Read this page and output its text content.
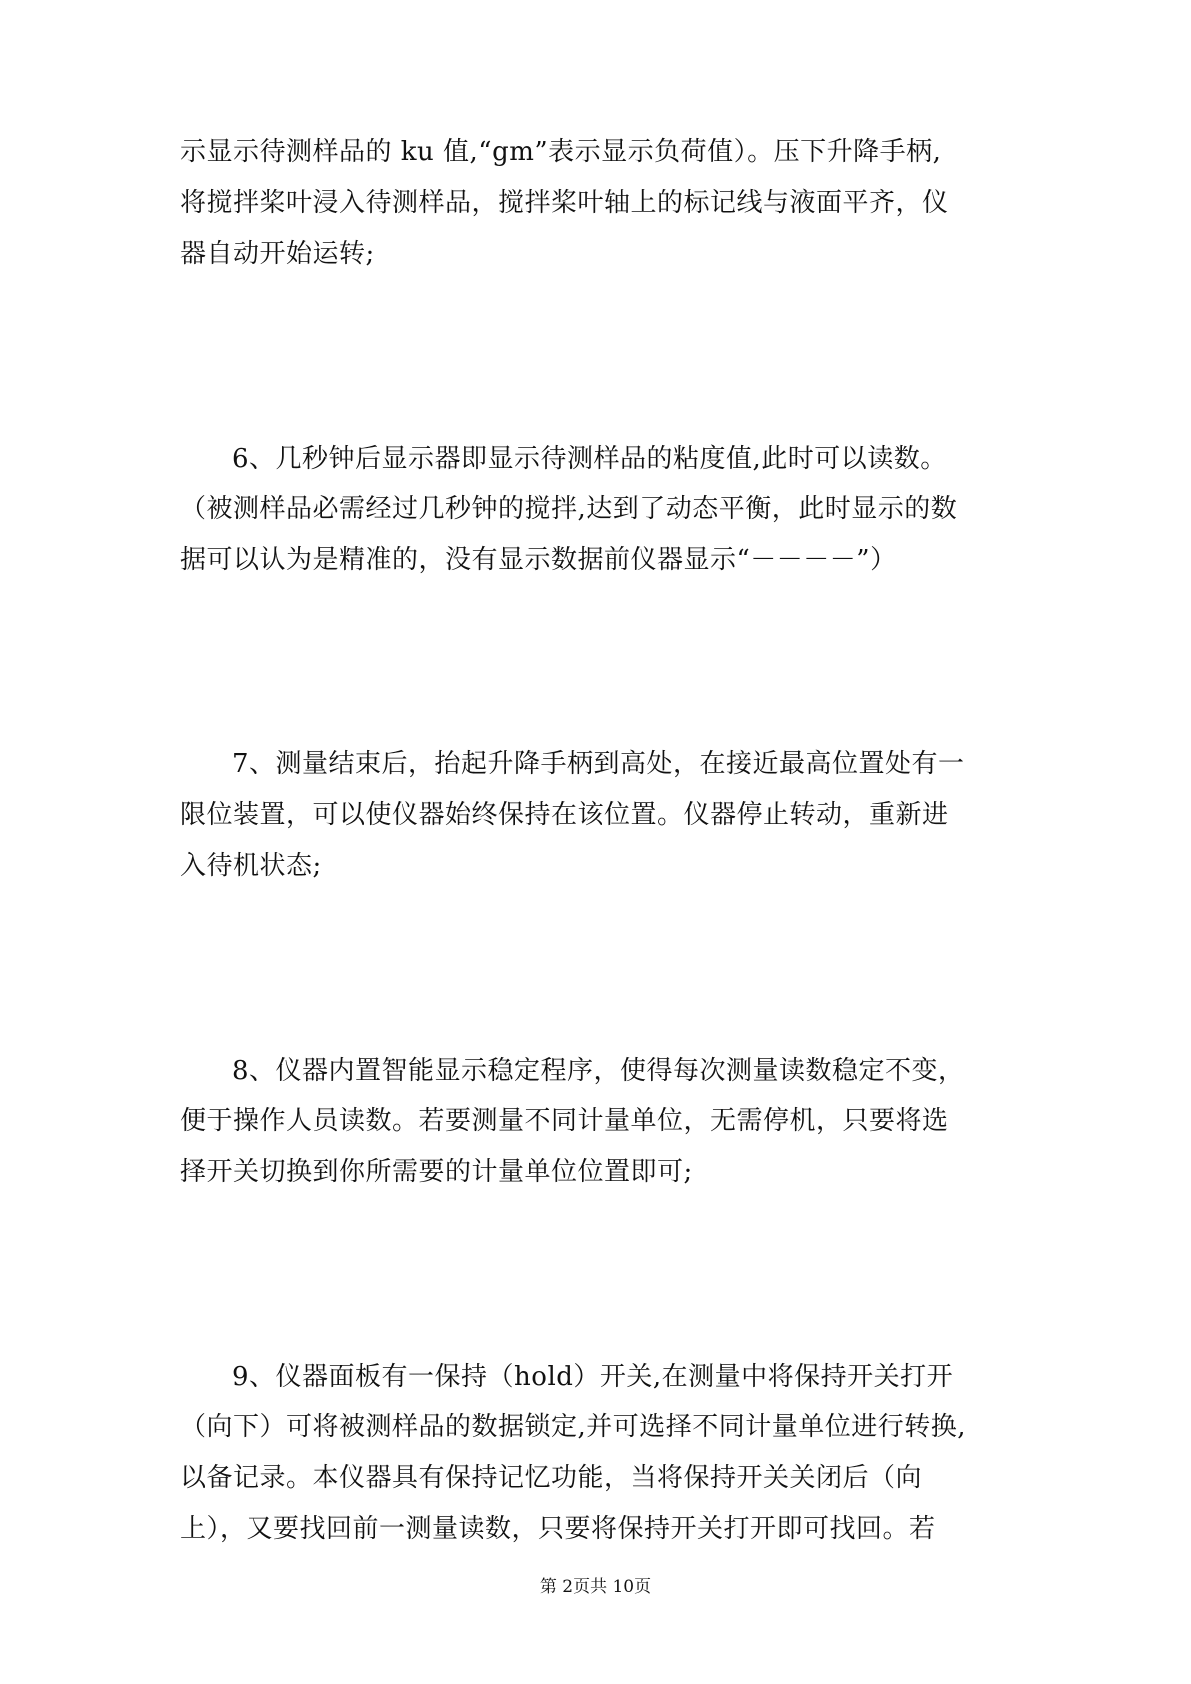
示显示待测样品的 ku 值,“gm”表示显示负荷值）。压下升降手柄,
将搅拌桨叶浸入待测样品，搅拌桨叶轴上的标记线与液面平齐，仪
器自动开始运转;
6、几秒钟后显示器即显示待测样品的粘度值,此时可以读数。
（被测样品必需经过几秒钟的搅拌,达到了动态平衡，此时显示的数
据可以认为是精准的，没有显示数据前仪器显示“－－－－”）
7、测量结束后，抬起升降手柄到高处，在接近最高位置处有一
限位装置，可以使仪器始终保持在该位置。仪器停止转动，重新进
入待机状态;
8、仪器内置智能显示稳定程序，使得每次测量读数稳定不变，
便于操作人员读数。若要测量不同计量单位，无需停机，只要将选
择开关切换到你所需要的计量单位位置即可;
9、仪器面板有一保持（hold）开关,在测量中将保持开关打开
（向下）可将被测样品的数据锁定,并可选择不同计量单位进行转换,
以备记录。本仪器具有保持记忆功能，当将保持开关关闭后（向
上），又要找回前一测量读数，只要将保持开关打开即可找回。若
第 2页共 10页
